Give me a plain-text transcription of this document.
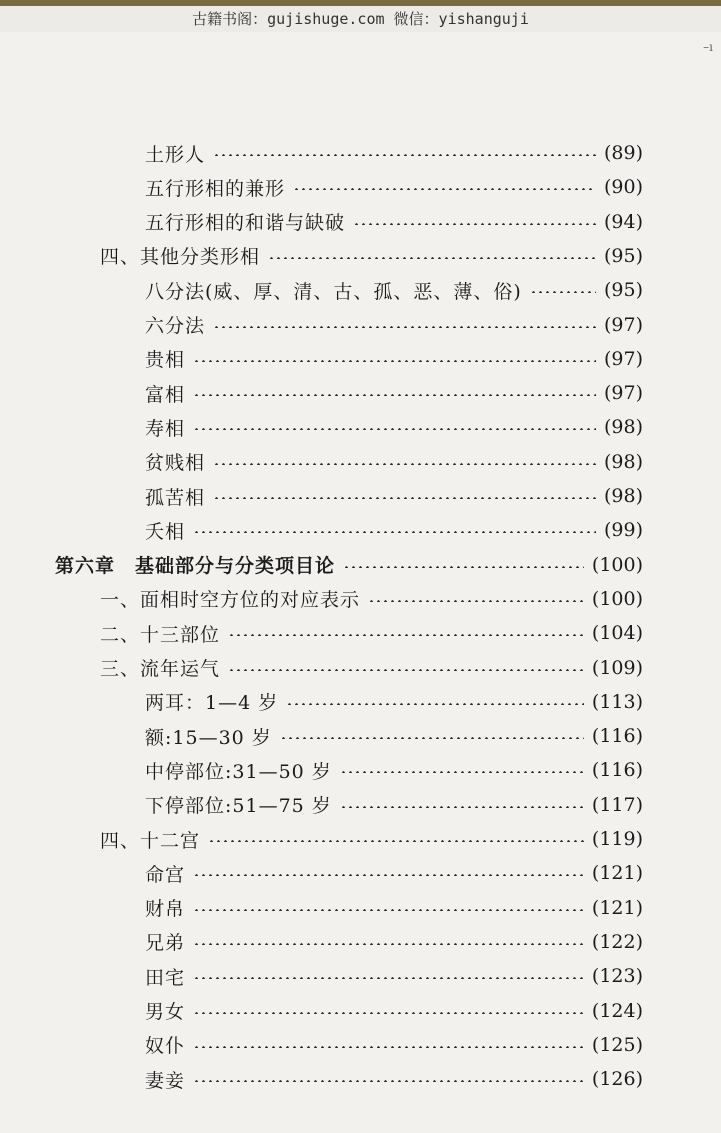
古籍书阁：gujishuge.com 微信：yishanguji
–ı
土形人	(89)
五行形相的兼形	(90)
五行形相的和谐与缺破	(94)
四、其他分类形相	(95)
八分法(威、厚、清、古、孤、恶、薄、俗)	(95)
六分法	(97)
贵相	(97)
富相	(97)
寿相	(98)
贫贱相	(98)
孤苦相	(98)
夭相	(99)
第六章　基础部分与分类项目论	(100)
一、面相时空方位的对应表示	(100)
二、十三部位	(104)
三、流年运气	(109)
两耳：1—4 岁	(113)
额:15—30 岁	(116)
中停部位:31—50 岁	(116)
下停部位:51—75 岁	(117)
四、十二宫	(119)
命宫	(121)
财帛	(121)
兄弟	(122)
田宅	(123)
男女	(124)
奴仆	(125)
妻妾	(126)
